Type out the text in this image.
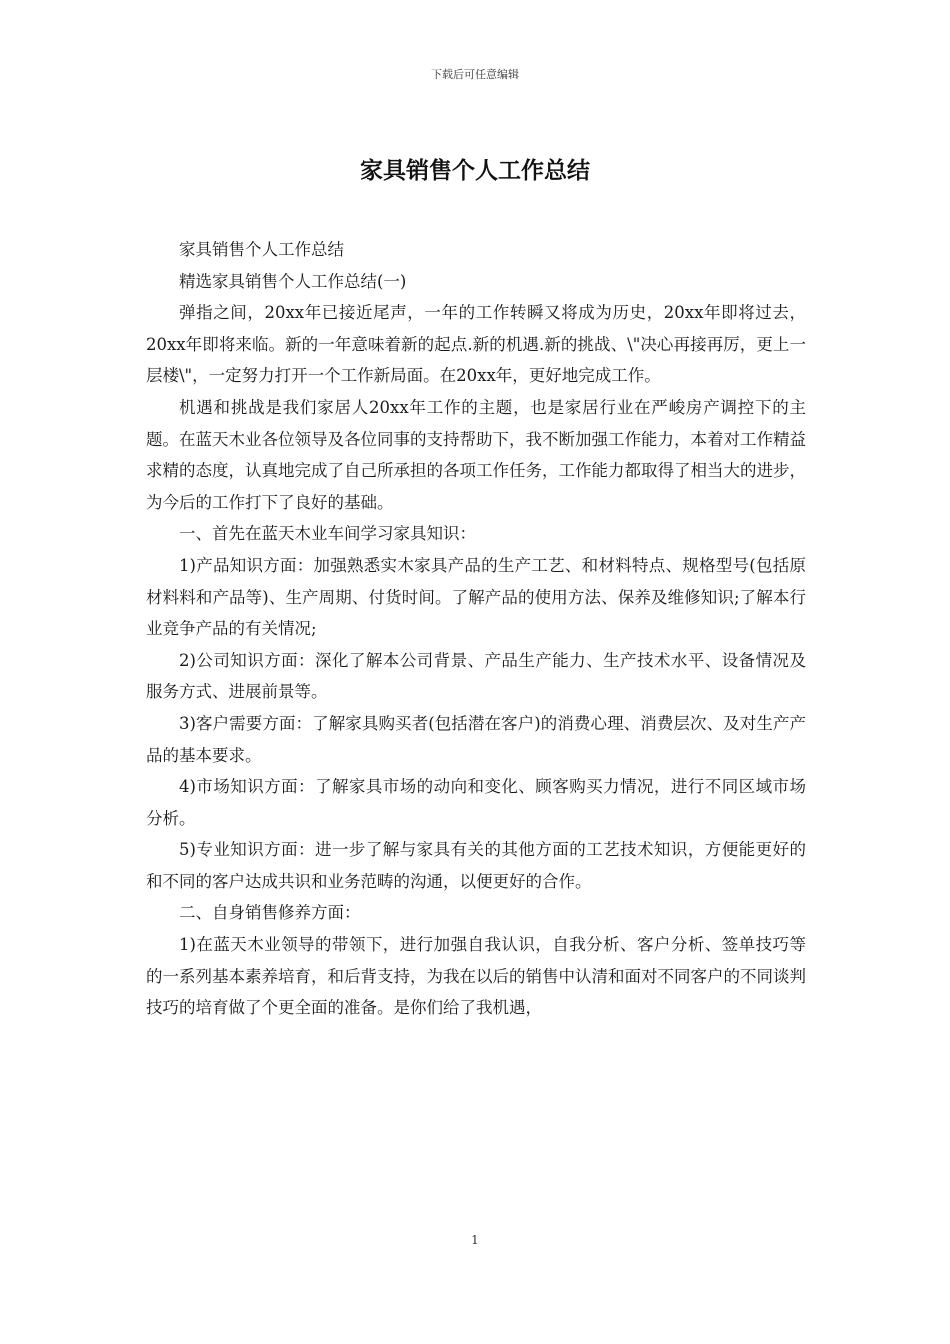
下载后可任意编辑
家具销售个人工作总结

家具销售个人工作总结

精选家具销售个人工作总结(一)

弹指之间，20xx年已接近尾声，一年的工作转瞬又将成为历史，20xx年即将过去，20xx年即将来临。新的一年意味着新的起点.新的机遇.新的挑战、\"决心再接再厉，更上一层楼\"，一定努力打开一个工作新局面。在20xx年，更好地完成工作。

机遇和挑战是我们家居人20xx年工作的主题，也是家居行业在严峻房产调控下的主题。在蓝天木业各位领导及各位同事的支持帮助下，我不断加强工作能力，本着对工作精益求精的态度，认真地完成了自己所承担的各项工作任务，工作能力都取得了相当大的进步，为今后的工作打下了良好的基础。

一、首先在蓝天木业车间学习家具知识：

1)产品知识方面：加强熟悉实木家具产品的生产工艺、和材料特点、规格型号(包括原材料料和产品等)、生产周期、付货时间。了解产品的使用方法、保养及维修知识;了解本行业竞争产品的有关情况;

2)公司知识方面：深化了解本公司背景、产品生产能力、生产技术水平、设备情况及服务方式、进展前景等。

3)客户需要方面：了解家具购买者(包括潜在客户)的消费心理、消费层次、及对生产产品的基本要求。

4)市场知识方面：了解家具市场的动向和变化、顾客购买力情况，进行不同区域市场分析。

5)专业知识方面：进一步了解与家具有关的其他方面的工艺技术知识，方便能更好的和不同的客户达成共识和业务范畴的沟通，以便更好的合作。

二、自身销售修养方面：

1)在蓝天木业领导的带领下，进行加强自我认识，自我分析、客户分析、签单技巧等的一系列基本素养培育，和后背支持，为我在以后的销售中认清和面对不同客户的不同谈判技巧的培育做了个更全面的准备。是你们给了我机遇，

1
